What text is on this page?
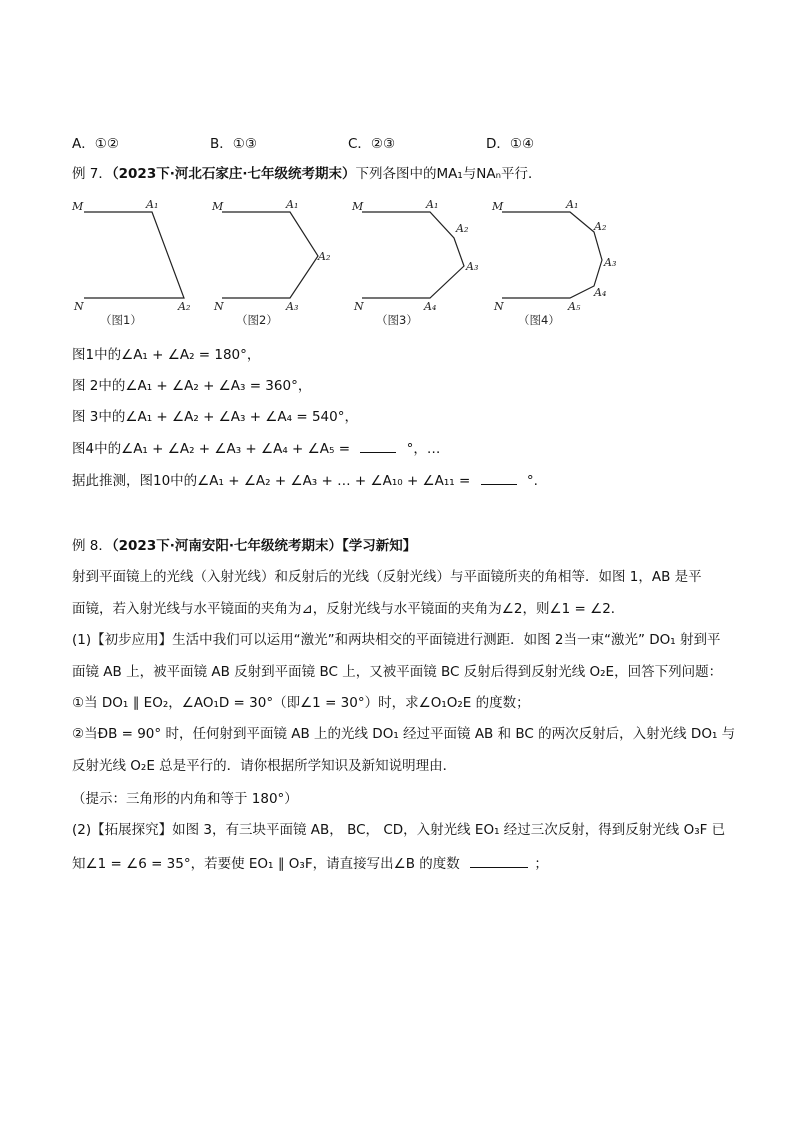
A．①②	B．①③	C．②③	D．①④
例 7．（2023下·河北石家庄·七年级统考期末）下列各图中的MA₁与NAₙ平行．
M	A₁
N	A₂
M	A₁
A₂
N	A₃
M	A₁
A₂
A₃
N	A₄
M	A₁
A₂
A₃
A₄
N	A₅
（图1）	（图2）	（图3）	（图4）
图1中的∠A₁ + ∠A₂ = 180°，
图 2中的∠A₁ + ∠A₂ + ∠A₃ = 360°，
图 3中的∠A₁ + ∠A₂ + ∠A₃ + ∠A₄ = 540°，
图4中的∠A₁ + ∠A₂ + ∠A₃ + ∠A₄ + ∠A₅ =	°，…
据此推测，图10中的∠A₁ + ∠A₂ + ∠A₃ + … + ∠A₁₀ + ∠A₁₁ =	°.
例 8．（2023下·河南安阳·七年级统考期末）【学习新知】
射到平面镜上的光线（入射光线）和反射后的光线（反射光线）与平面镜所夹的角相等．如图 1，AB 是平
面镜，若入射光线与水平镜面的夹角为⊿，反射光线与水平镜面的夹角为∠2，则∠1 = ∠2．
(1)【初步应用】生活中我们可以运用“激光”和两块相交的平面镜进行测距．如图 2当一束“激光” DO₁ 射到平
面镜 AB 上，被平面镜 AB 反射到平面镜 BC 上，又被平面镜 BC 反射后得到反射光线 O₂E，回答下列问题：
①当 DO₁ ∥ EO₂，∠AO₁D = 30°（即∠1 = 30°）时，求∠O₁O₂E 的度数；
②当ÐB = 90° 时，任何射到平面镜 AB 上的光线 DO₁ 经过平面镜 AB 和 BC 的两次反射后，入射光线 DO₁ 与
反射光线 O₂E 总是平行的．请你根据所学知识及新知说明理由．
（提示：三角形的内角和等于 180°）
(2)【拓展探究】如图 3，有三块平面镜 AB， BC， CD，入射光线 EO₁ 经过三次反射，得到反射光线 O₃F 已
知∠1 = ∠6 = 35°，若要使 EO₁ ∥ O₃F，请直接写出∠B 的度数	；
